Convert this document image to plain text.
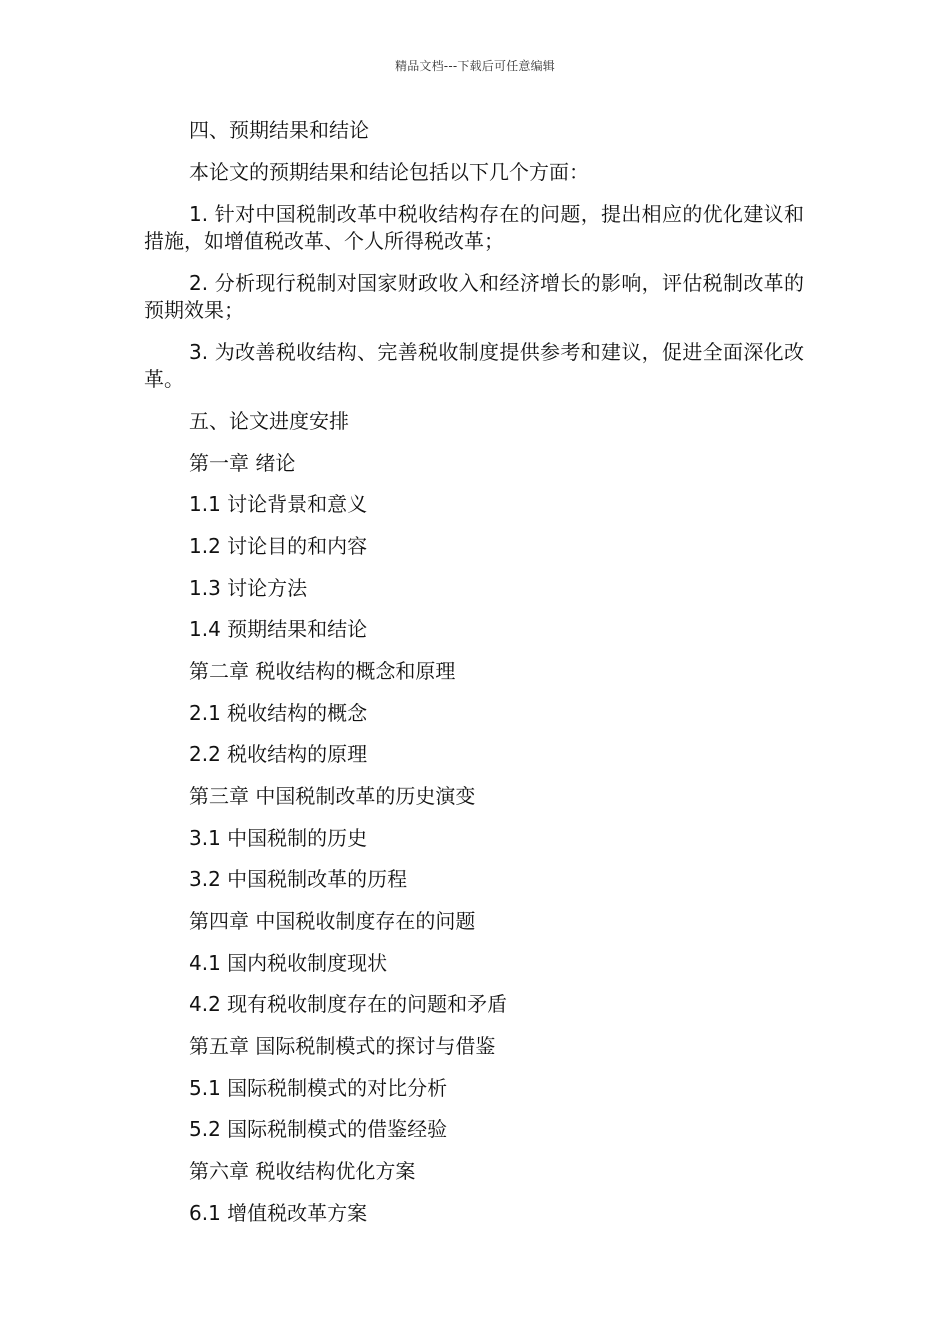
精品文档---下载后可任意编辑
四、预期结果和结论
本论文的预期结果和结论包括以下几个方面：
1. 针对中国税制改革中税收结构存在的问题，提出相应的优化建议和措施，如增值税改革、个人所得税改革；
2. 分析现行税制对国家财政收入和经济增长的影响，评估税制改革的预期效果；
3. 为改善税收结构、完善税收制度提供参考和建议，促进全面深化改革。
五、论文进度安排
第一章 绪论
1.1 讨论背景和意义
1.2 讨论目的和内容
1.3 讨论方法
1.4 预期结果和结论
第二章 税收结构的概念和原理
2.1 税收结构的概念
2.2 税收结构的原理
第三章 中国税制改革的历史演变
3.1 中国税制的历史
3.2 中国税制改革的历程
第四章 中国税收制度存在的问题
4.1 国内税收制度现状
4.2 现有税收制度存在的问题和矛盾
第五章 国际税制模式的探讨与借鉴
5.1 国际税制模式的对比分析
5.2 国际税制模式的借鉴经验
第六章 税收结构优化方案
6.1 增值税改革方案
